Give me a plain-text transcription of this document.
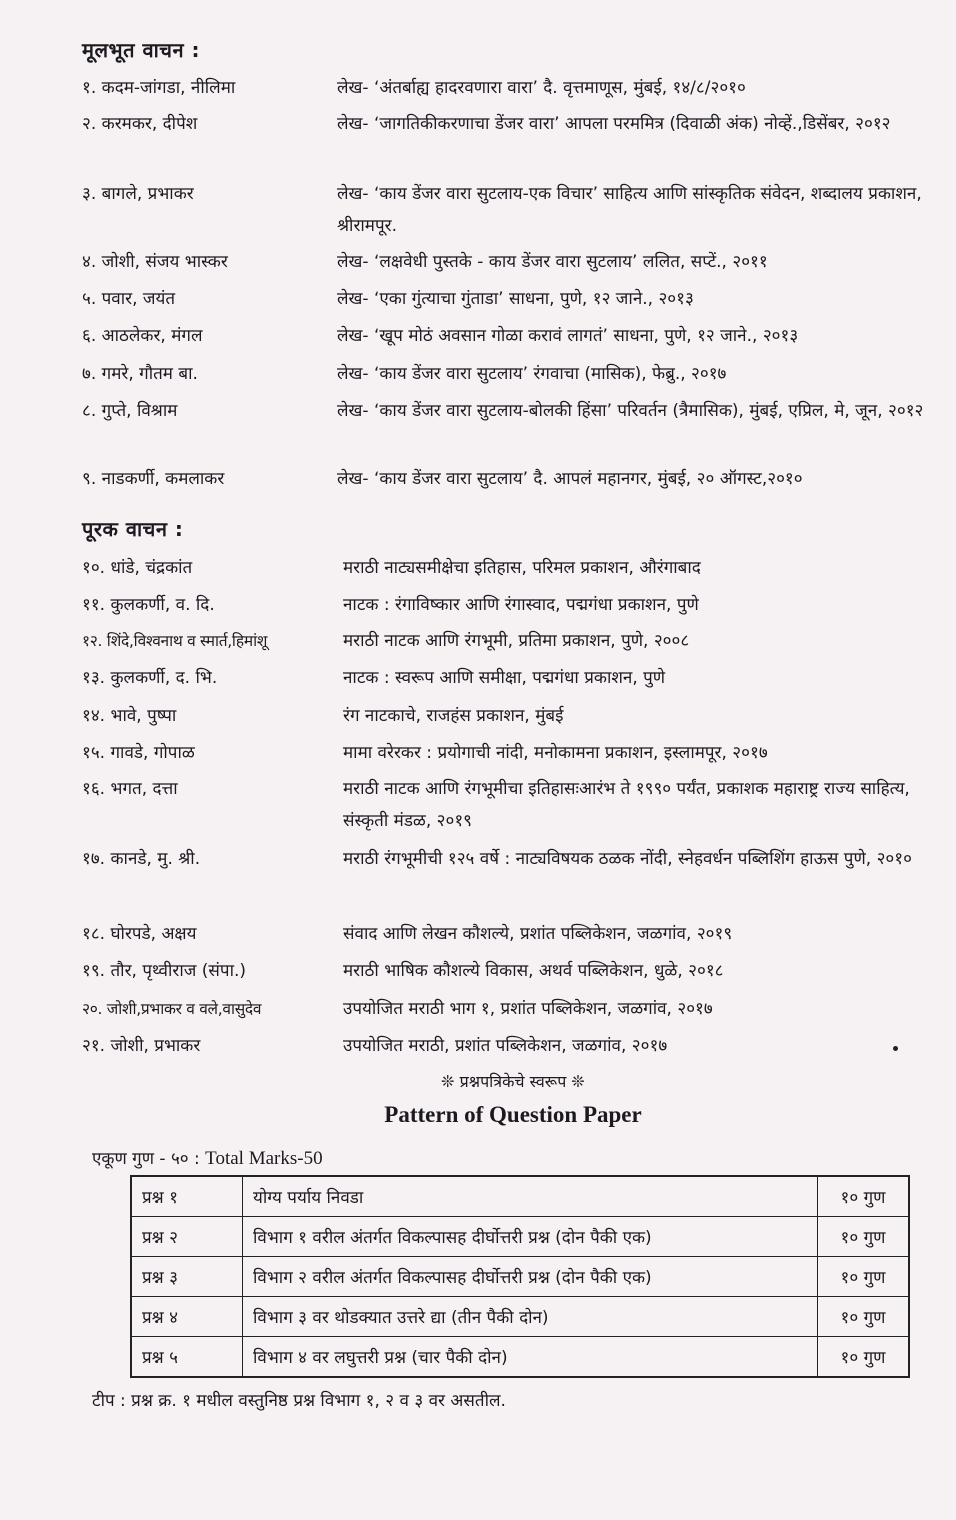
मूलभूत वाचन :
१. कदम-जांगडा, नीलिमा	लेख- ‘अंतर्बाह्य हादरवणारा वारा’ दै. वृत्तमाणूस, मुंबई, १४/८/२०१०
२. करमकर, दीपेश	लेख- ‘जागतिकीकरणाचा डेंजर वारा’ आपला परममित्र (दिवाळी अंक) नोव्हें.,डिसेंबर, २०१२
३. बागले, प्रभाकर	लेख- ‘काय डेंजर वारा सुटलाय-एक विचार’ साहित्य आणि सांस्कृतिक संवेदन, शब्दालय प्रकाशन, श्रीरामपूर.
४. जोशी, संजय भास्कर	लेख- ‘लक्षवेधी पुस्तके - काय डेंजर वारा सुटलाय’ ललित, सप्टें., २०११
५. पवार, जयंत	लेख- ‘एका गुंत्याचा गुंताडा’ साधना, पुणे, १२ जाने., २०१३
६. आठलेकर, मंगल	लेख- ‘खूप मोठं अवसान गोळा करावं लागतं’ साधना, पुणे, १२ जाने., २०१३
७. गमरे, गौतम बा.	लेख- ‘काय डेंजर वारा सुटलाय’ रंगवाचा (मासिक), फेब्रु., २०१७
८. गुप्ते, विश्राम	लेख- ‘काय डेंजर वारा सुटलाय-बोलकी हिंसा’ परिवर्तन (त्रैमासिक), मुंबई, एप्रिल, मे, जून, २०१२
९. नाडकर्णी, कमलाकर	लेख- ‘काय डेंजर वारा सुटलाय’ दै. आपलं महानगर, मुंबई, २० ऑगस्ट,२०१०
पूरक वाचन :
१०. धांडे, चंद्रकांत	मराठी नाट्यसमीक्षेचा इतिहास, परिमल प्रकाशन, औरंगाबाद
११. कुलकर्णी, व. दि.	नाटक : रंगाविष्कार आणि रंगास्वाद, पद्मगंधा प्रकाशन, पुणे
१२. शिंदे,विश्वनाथ व स्मार्त,हिमांशू	मराठी नाटक आणि रंगभूमी, प्रतिमा प्रकाशन, पुणे, २००८
१३. कुलकर्णी, द. भि.	नाटक : स्वरूप आणि समीक्षा, पद्मगंधा प्रकाशन, पुणे
१४. भावे, पुष्पा	रंग नाटकाचे, राजहंस प्रकाशन, मुंबई
१५. गावडे, गोपाळ	मामा वरेरकर : प्रयोगाची नांदी, मनोकामना प्रकाशन, इस्लामपूर, २०१७
१६. भगत, दत्ता	मराठी नाटक आणि रंगभूमीचा इतिहासःआरंभ ते १९९० पर्यंत, प्रकाशक महाराष्ट्र राज्य साहित्य, संस्कृती मंडळ, २०१९
१७. कानडे, मु. श्री.	मराठी रंगभूमीची १२५ वर्षे : नाट्यविषयक ठळक नोंदी, स्नेहवर्धन पब्लिशिंग हाऊस पुणे, २०१०
१८. घोरपडे, अक्षय	संवाद आणि लेखन कौशल्ये, प्रशांत पब्लिकेशन, जळगांव, २०१९
१९. तौर, पृथ्वीराज (संपा.)	मराठी भाषिक कौशल्ये विकास, अथर्व पब्लिकेशन, धुळे, २०१८
२०. जोशी,प्रभाकर व वले,वासुदेव	उपयोजित मराठी भाग १, प्रशांत पब्लिकेशन, जळगांव, २०१७
२१. जोशी, प्रभाकर	उपयोजित मराठी, प्रशांत पब्लिकेशन, जळगांव, २०१७
❊ प्रश्नपत्रिकेचे स्वरूप ❊
Pattern of Question Paper
एकूण गुण - ५० : Total Marks-50
प्रश्न १	योग्य पर्याय निवडा	१० गुण
प्रश्न २	विभाग १ वरील अंतर्गत विकल्पासह दीर्घोत्तरी प्रश्न (दोन पैकी एक)	१० गुण
प्रश्न ३	विभाग २ वरील अंतर्गत विकल्पासह दीर्घोत्तरी प्रश्न (दोन पैकी एक)	१० गुण
प्रश्न ४	विभाग ३ वर थोडक्यात उत्तरे द्या (तीन पैकी दोन)	१० गुण
प्रश्न ५	विभाग ४ वर लघुत्तरी प्रश्न (चार पैकी दोन)	१० गुण
टीप : प्रश्न क्र. १ मधील वस्तुनिष्ठ प्रश्न विभाग १, २ व ३ वर असतील.
